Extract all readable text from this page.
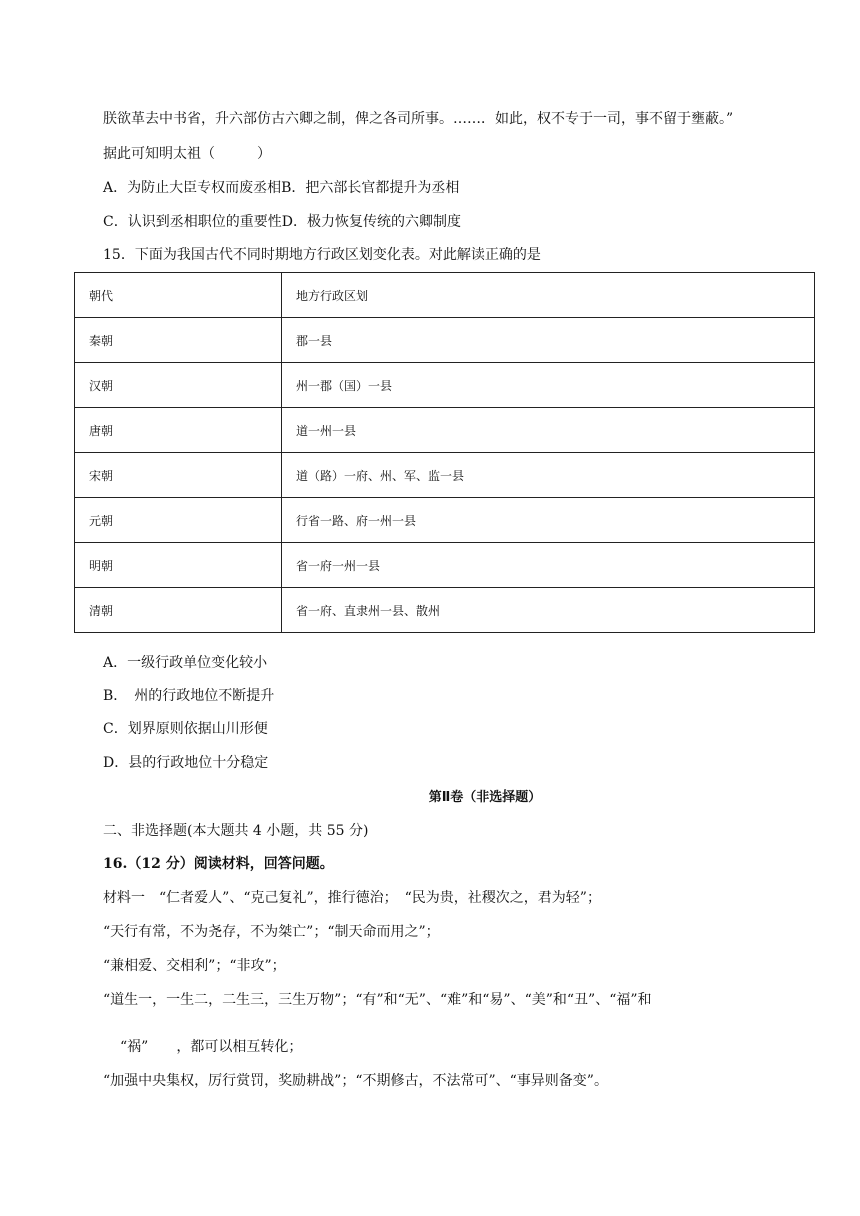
朕欲革去中书省，升六部仿古六卿之制，俾之各司所事。……．如此，权不专于一司，事不留于壅蔽。”

据此可知明太祖（　　　）

A．为防止大臣专权而废丞相B．把六部长官都提升为丞相

C．认识到丞相职位的重要性D．极力恢复传统的六卿制度

15．下面为我国古代不同时期地方行政区划变化表。对此解读正确的是

朝代	地方行政区划
秦朝	郡一县
汉朝	州一郡（国）一县
唐朝	道一州一县
宋朝	道（路）一府、州、军、监一县
元朝	行省一路、府一州一县
明朝	省一府一州一县
清朝	省一府、直隶州一县、散州

A．一级行政单位变化较小

B．　州的行政地位不断提升

C．划界原则依据山川形便

D．县的行政地位十分稳定

第Ⅱ卷（非选择题）

二、非选择题(本大题共 4 小题，共 55 分)

16.（12 分）阅读材料，回答问题。

材料一　“仁者爱人”、“克己复礼”，推行德治；　“民为贵，社稷次之，君为轻”；

“天行有常，不为尧存，不为桀亡”；“制天命而用之”；

“兼相爱、交相利”；“非攻”；

“道生一，一生二，二生三，三生万物”；“有”和“无”、“难”和“易”、“美”和“丑”、“福”和

“祸”　　，都可以相互转化；

“加强中央集权，厉行赏罚，奖励耕战”；“不期修古，不法常可”、“事异则备变”。
